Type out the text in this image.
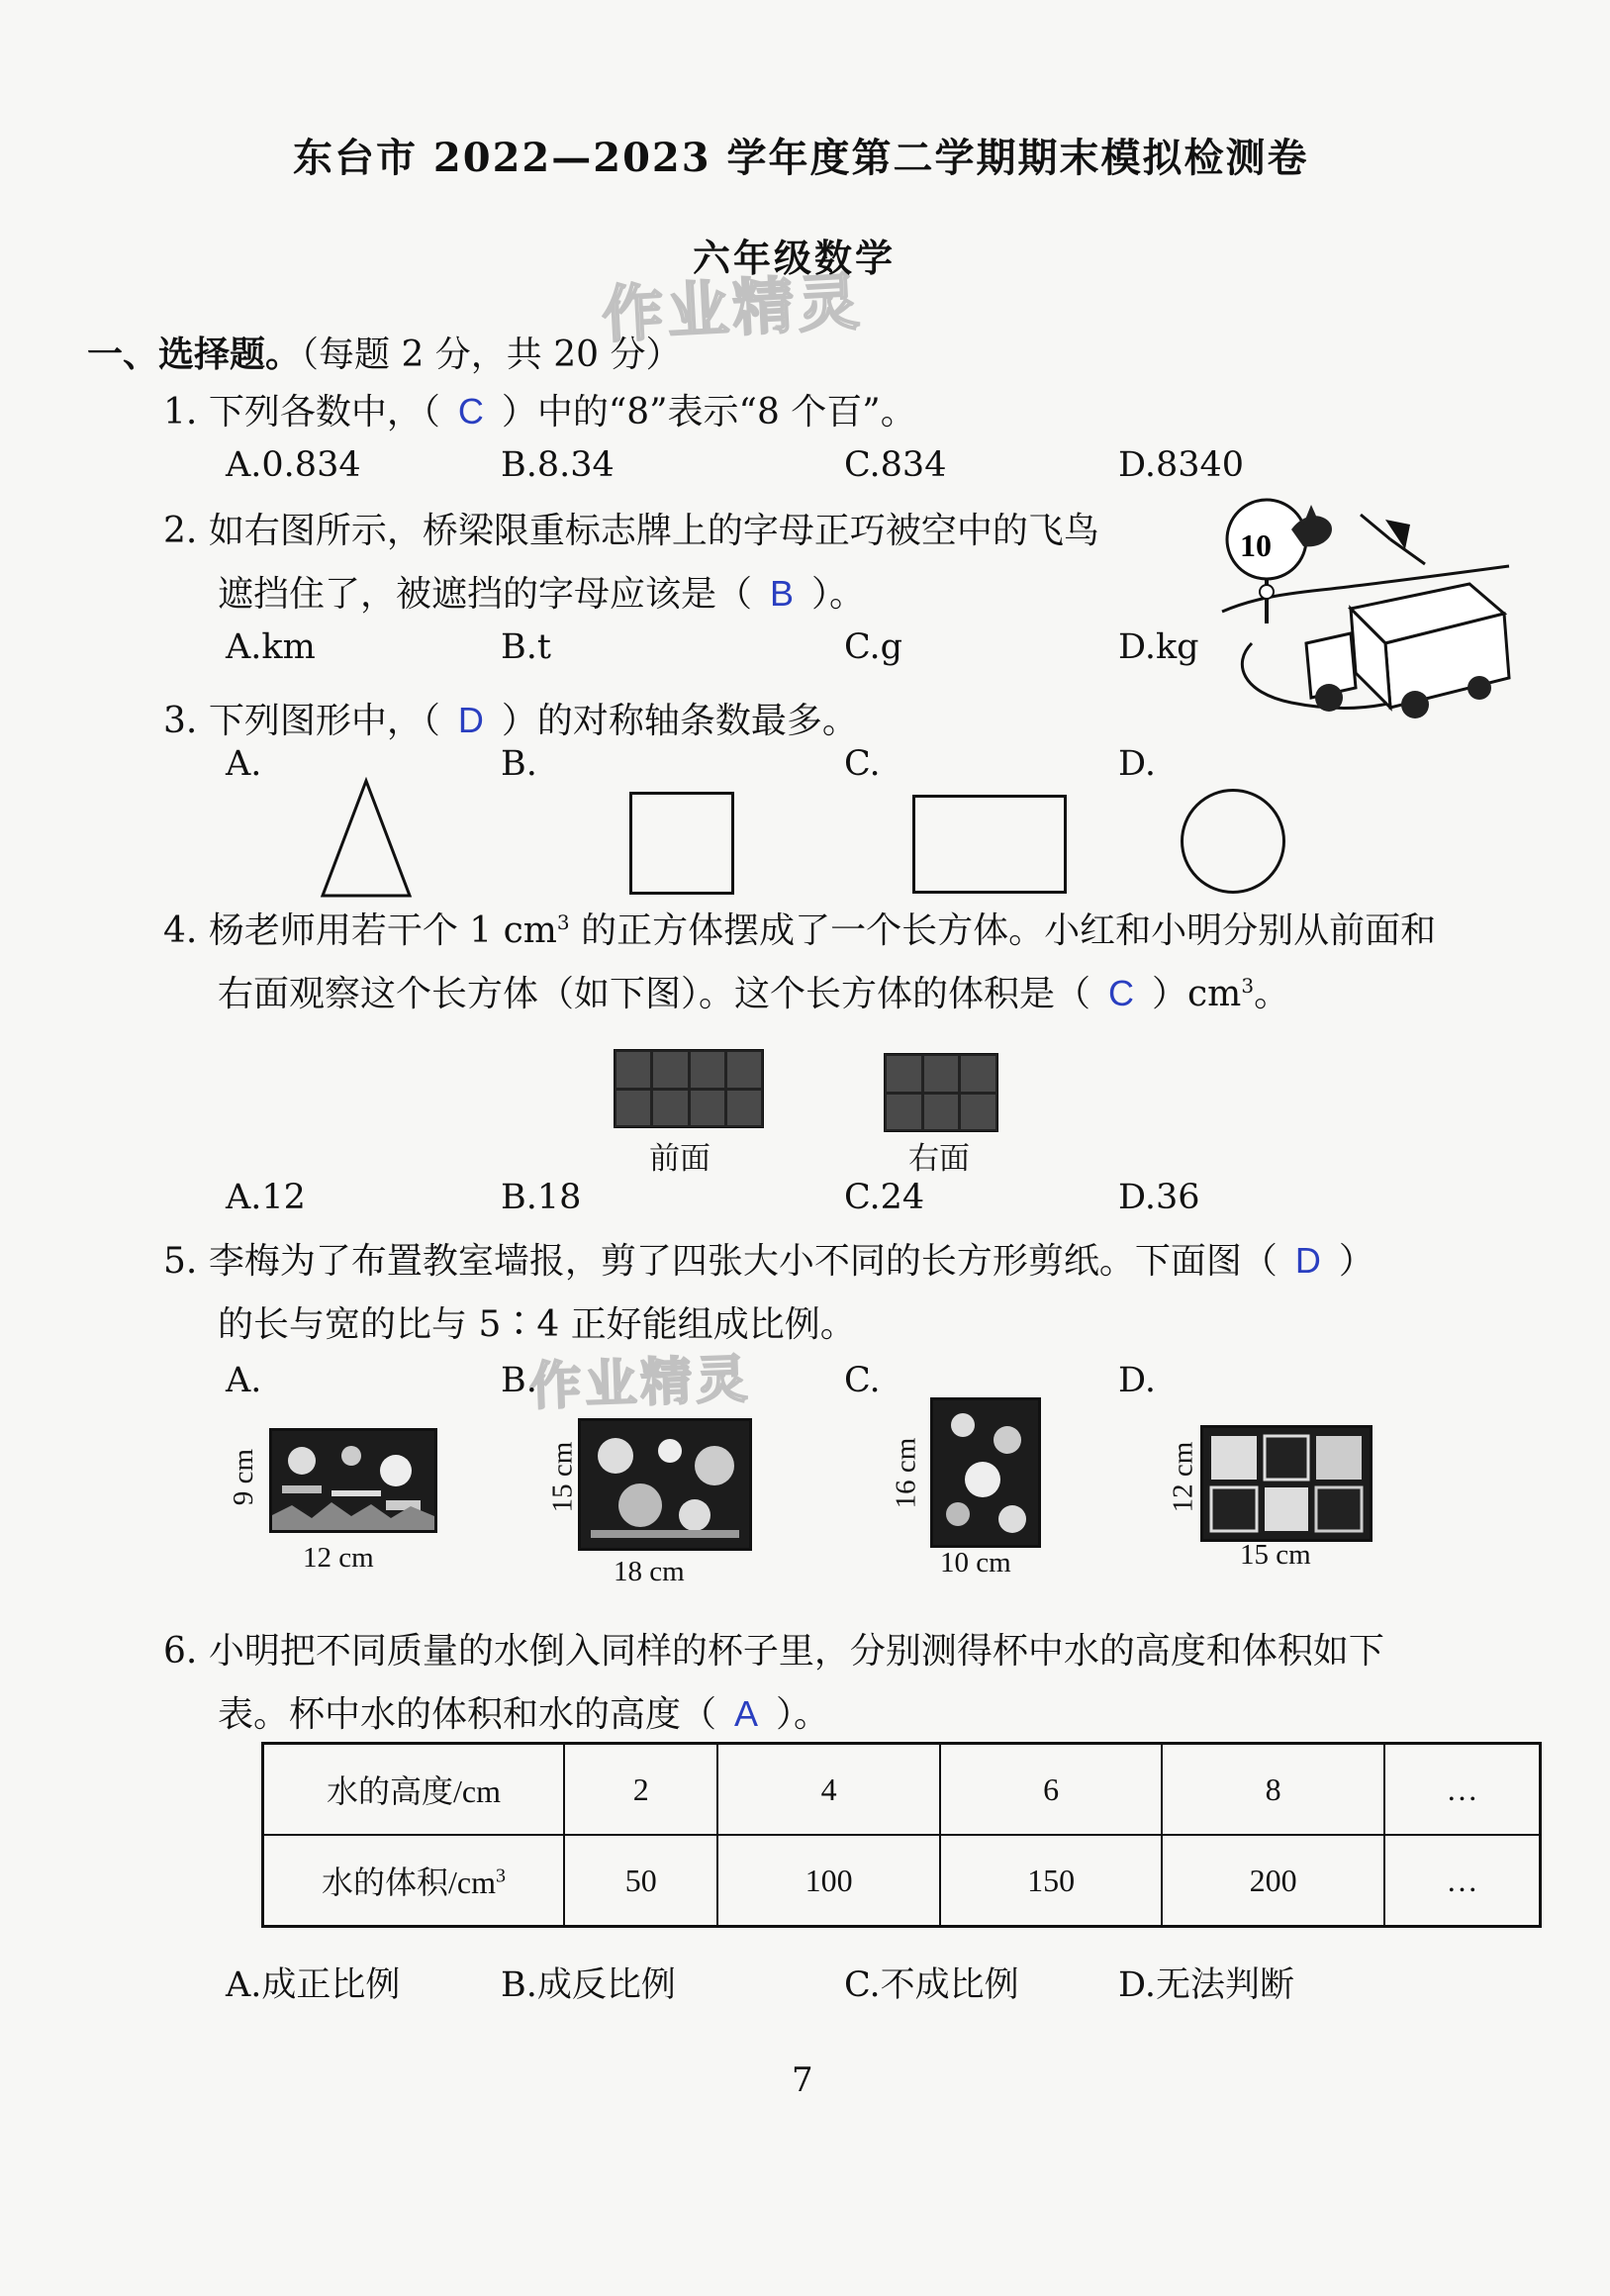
东台市 2022—2023 学年度第二学期期末模拟检测卷
六年级数学
作业精灵
一、选择题。（每题 2 分，共 20 分）
1. 下列各数中，（ C ）中的“8”表示“8 个百”。
A.0.834	B.8.34	C.834	D.8340
2. 如右图所示，桥梁限重标志牌上的字母正巧被空中的飞鸟
遮挡住了，被遮挡的字母应该是（ B ）。
A.km	B.t	C.g	D.kg
10
3. 下列图形中，（ D ）的对称轴条数最多。
A.	B.	C.	D.
4. 杨老师用若干个 1 $cm^3$ 的正方体摆成了一个长方体。小红和小明分别从前面和
右面观察这个长方体（如下图）。这个长方体的体积是（ C ）$cm^3$。
前面	右面
A.12	B.18	C.24	D.36
5. 李梅为了布置教室墙报，剪了四张大小不同的长方形剪纸。下面图（ D ）
的长与宽的比与 5∶4 正好能组成比例。
作业精灵
A.	B.	C.	D.
12 cm
9 cm
18 cm
15 cm
10 cm
16 cm
15 cm
12 cm
6. 小明把不同质量的水倒入同样的杯子里，分别测得杯中水的高度和体积如下
表。杯中水的体积和水的高度（ A ）。
水的高度/cm	2	4	6	8	…
水的体积$/cm^3$	50	100	150	200	…
A.成正比例	B.成反比例	C.不成比例	D.无法判断
7
